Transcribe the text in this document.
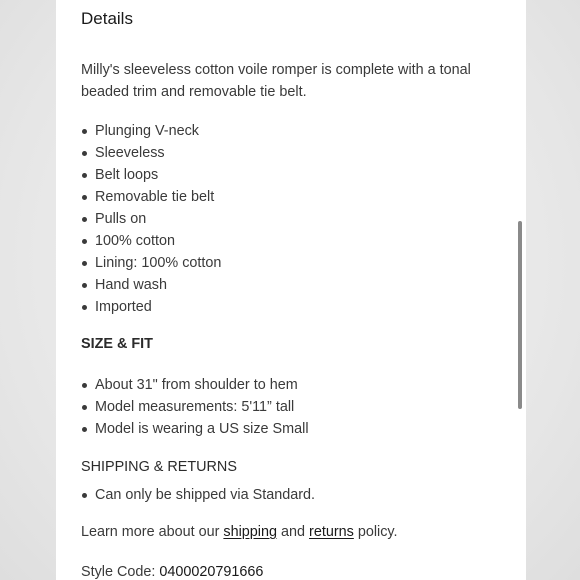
Details
Milly's sleeveless cotton voile romper is complete with a tonal beaded trim and removable tie belt.
Plunging V-neck
Sleeveless
Belt loops
Removable tie belt
Pulls on
100% cotton
Lining: 100% cotton
Hand wash
Imported
SIZE & FIT
About 31" from shoulder to hem
Model measurements: 5'11” tall
Model is wearing a US size Small
SHIPPING & RETURNS
Can only be shipped via Standard.
Learn more about our shipping and returns policy.
Style Code: 0400020791666
